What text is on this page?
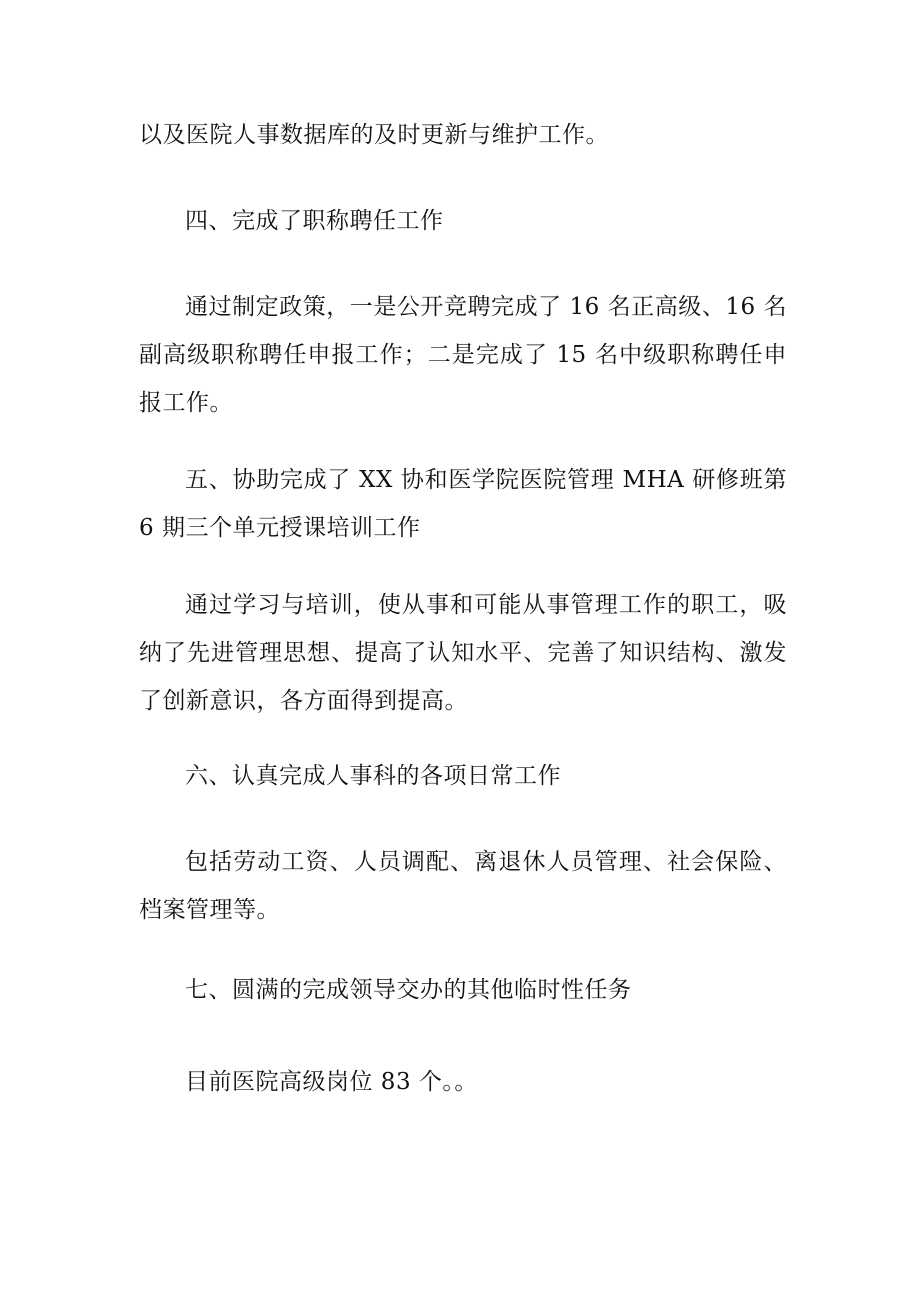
以及医院人事数据库的及时更新与维护工作。

四、完成了职称聘任工作

通过制定政策，一是公开竞聘完成了 16 名正高级、16 名副高级职称聘任申报工作；二是完成了 15 名中级职称聘任申报工作。

五、协助完成了 XX 协和医学院医院管理 MHA 研修班第 6 期三个单元授课培训工作

通过学习与培训，使从事和可能从事管理工作的职工，吸纳了先进管理思想、提高了认知水平、完善了知识结构、激发了创新意识，各方面得到提高。

六、认真完成人事科的各项日常工作

包括劳动工资、人员调配、离退休人员管理、社会保险、档案管理等。

七、圆满的完成领导交办的其他临时性任务

目前医院高级岗位 83 个。。
